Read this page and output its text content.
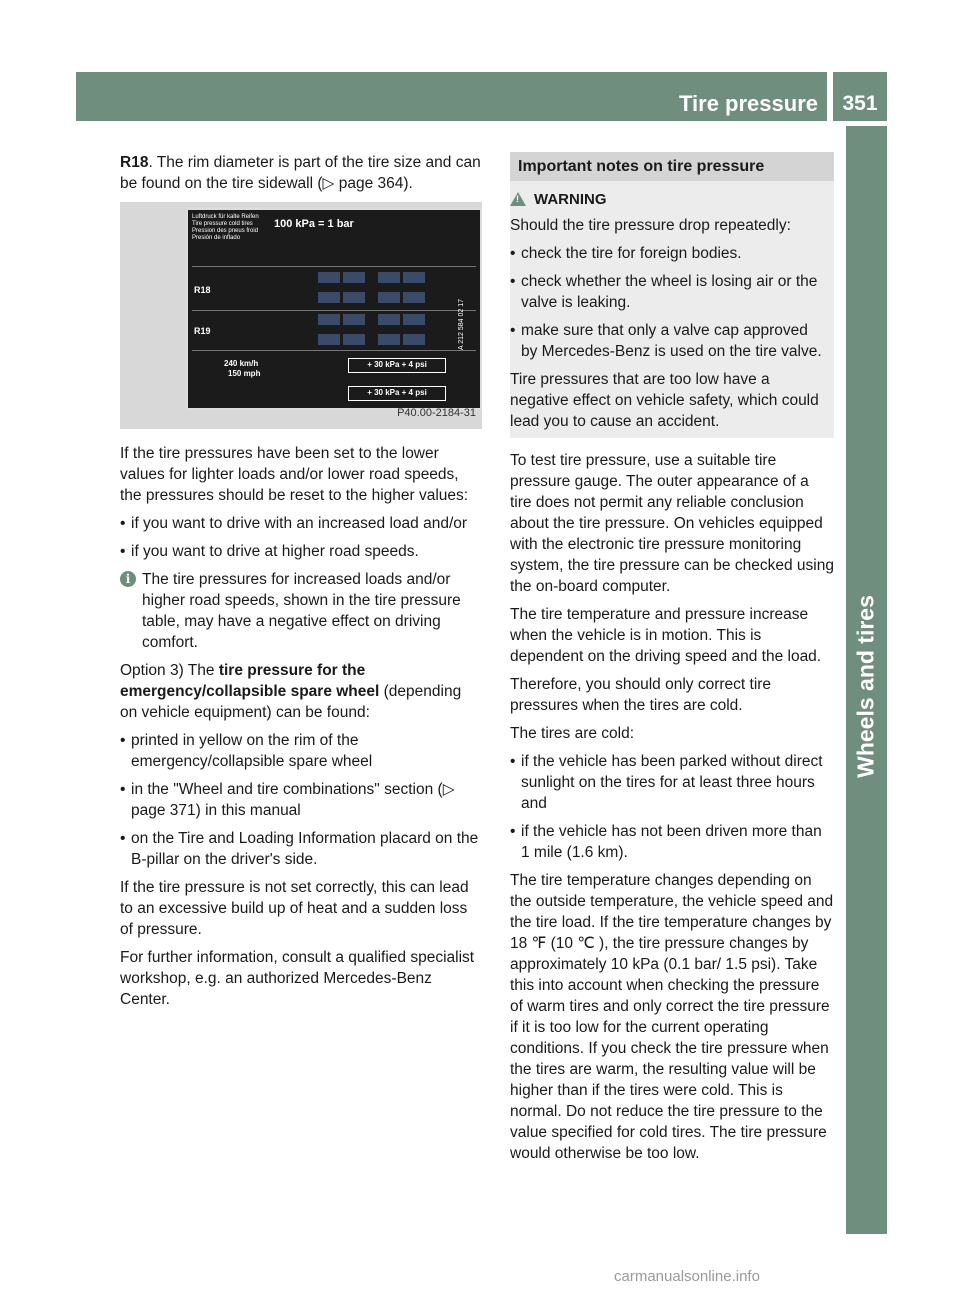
Tire pressure	351
Wheels and tires

R18. The rim diameter is part of the tire size and can be found on the tire sidewall (▷ page 364).

Luftdruck für kalte Reifen
Tire pressure cold tires
Pression des pneus froid
Presión de inflado
100 kPa = 1 bar
R18
R19
240 km/h
150 mph
+ 30 kPa + 4 psi
+ 30 kPa + 4 psi
A 212 584 02 17
P40.00-2184-31

If the tire pressures have been set to the lower values for lighter loads and/or lower road speeds, the pressures should be reset to the higher values:

• if you want to drive with an increased load and/or
• if you want to drive at higher road speeds.
i The tire pressures for increased loads and/or higher road speeds, shown in the tire pressure table, may have a negative effect on driving comfort.

Option 3) The tire pressure for the emergency/collapsible spare wheel (depending on vehicle equipment) can be found:

• printed in yellow on the rim of the emergency/collapsible spare wheel
• in the "Wheel and tire combinations" section (▷ page 371) in this manual
• on the Tire and Loading Information placard on the B-pillar on the driver's side.

If the tire pressure is not set correctly, this can lead to an excessive build up of heat and a sudden loss of pressure.

For further information, consult a qualified specialist workshop, e.g. an authorized Mercedes-Benz Center.

Important notes on tire pressure
! WARNING

Should the tire pressure drop repeatedly:

• check the tire for foreign bodies.
• check whether the wheel is losing air or the valve is leaking.
• make sure that only a valve cap approved by Mercedes-Benz is used on the tire valve.

Tire pressures that are too low have a negative effect on vehicle safety, which could lead you to cause an accident.

To test tire pressure, use a suitable tire pressure gauge. The outer appearance of a tire does not permit any reliable conclusion about the tire pressure. On vehicles equipped with the electronic tire pressure monitoring system, the tire pressure can be checked using the on-board computer.

The tire temperature and pressure increase when the vehicle is in motion. This is dependent on the driving speed and the load.

Therefore, you should only correct tire pressures when the tires are cold.

The tires are cold:

• if the vehicle has been parked without direct sunlight on the tires for at least three hours and
• if the vehicle has not been driven more than 1 mile (1.6 km).

The tire temperature changes depending on the outside temperature, the vehicle speed and the tire load. If the tire temperature changes by 18 ℉ (10 ℃ ), the tire pressure changes by approximately 10 kPa (0.1 bar/ 1.5 psi). Take this into account when checking the pressure of warm tires and only correct the tire pressure if it is too low for the current operating conditions. If you check the tire pressure when the tires are warm, the resulting value will be higher than if the tires were cold. This is normal. Do not reduce the tire pressure to the value specified for cold tires. The tire pressure would otherwise be too low.

carmanualsonline.info
